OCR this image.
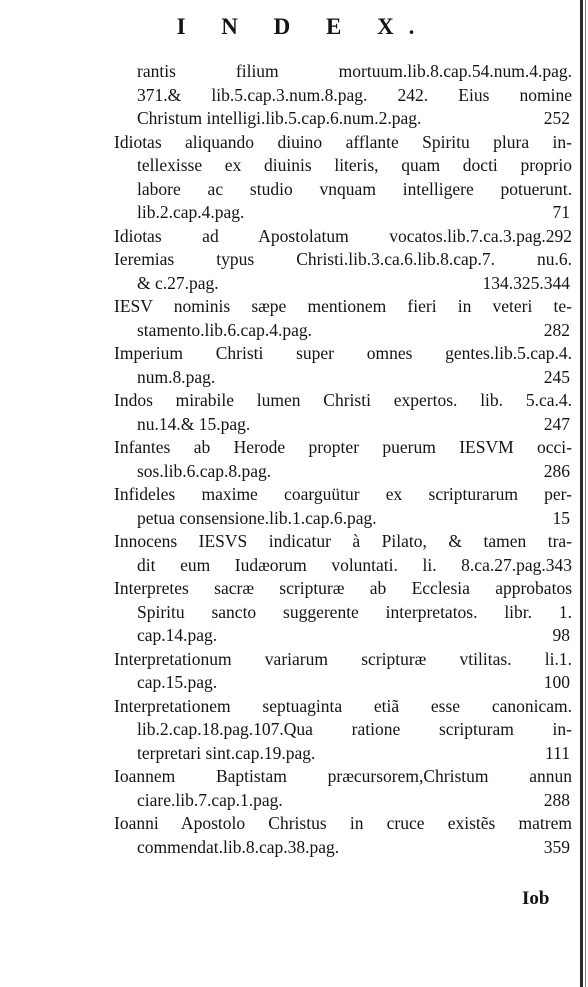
I N D E X.
rantis filium mortuum.lib.8.cap.54.num.4.pag.
371.& lib.5.cap.3.num.8.pag. 242. Eius nomine
Christum intelligi.lib.5.cap.6.num.2.pag.	252
Idiotas aliquando diuino afflante Spiritu plura in-
tellexisse ex diuinis literis, quam docti proprio
labore ac studio vnquam intelligere potuerunt.
lib.2.cap.4.pag.	71
Idiotas ad Apostolatum vocatos.lib.7.ca.3.pag.292
Ieremias typus Christi.lib.3.ca.6.lib.8.cap.7. nu.6.
& c.27.pag.	134.325.344
IESV nominis sæpe mentionem fieri in veteri te-
stamento.lib.6.cap.4.pag.	282
Imperium Christi super omnes gentes.lib.5.cap.4.
num.8.pag.	245
Indos mirabile lumen Christi expertos. lib. 5.ca.4.
nu.14.& 15.pag.	247
Infantes ab Herode propter puerum IESVM occi-
sos.lib.6.cap.8.pag.	286
Infideles maxime coarguütur ex scripturarum per-
petua consensione.lib.1.cap.6.pag.	15
Innocens IESVS indicatur à Pilato, & tamen tra-
dit eum Iudæorum voluntati. li. 8.ca.27.pag.343
Interpretes sacræ scripturæ ab Ecclesia approbatos
Spiritu sancto suggerente interpretatos. libr. 1.
cap.14.pag.	98
Interpretationum variarum scripturæ vtilitas. li.1.
cap.15.pag.	100
Interpretationem septuaginta etiã esse canonicam.
lib.2.cap.18.pag.107.Qua ratione scripturam in-
terpretari sint.cap.19.pag.	111
Ioannem Baptistam præcursorem,Christum annun
ciare.lib.7.cap.1.pag.	288
Ioanni Apostolo Christus in cruce existẽs matrem
commendat.lib.8.cap.38.pag.	359
Iob
